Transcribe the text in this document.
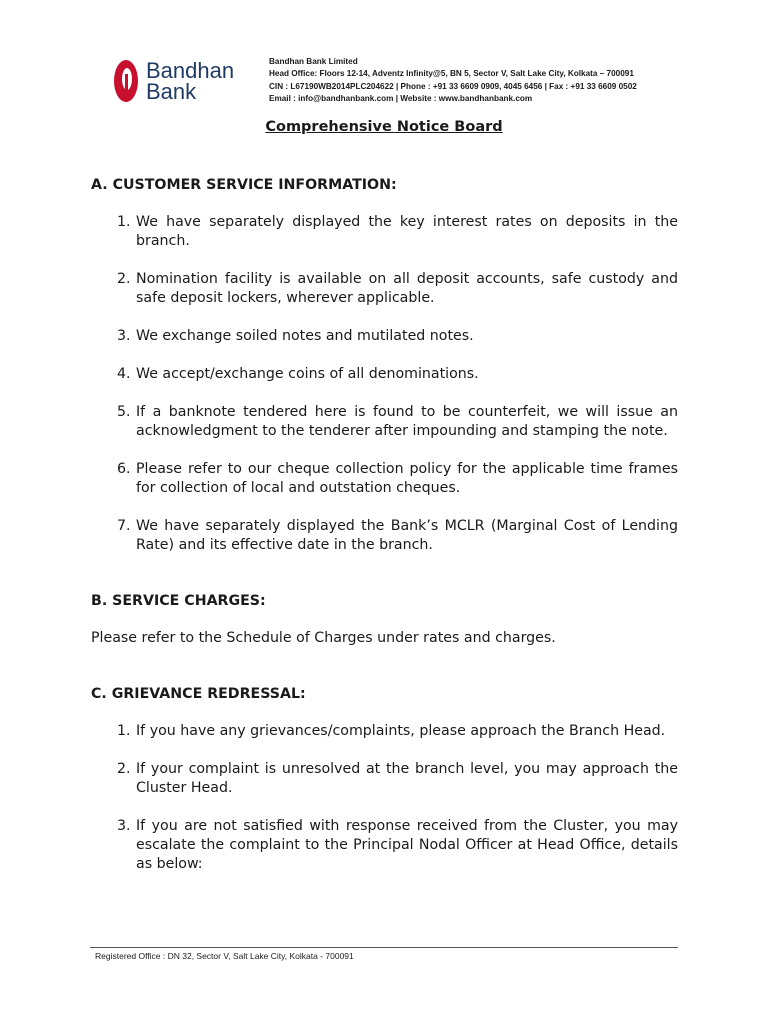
Bandhan
Bank
Bandhan Bank Limited
Head Office: Floors 12-14, Adventz Infinity@5, BN 5, Sector V, Salt Lake City, Kolkata – 700091
CIN : L67190WB2014PLC204622 | Phone : +91 33 6609 0909, 4045 6456 | Fax : +91 33 6609 0502
Email : info@bandhanbank.com | Website : www.bandhanbank.com
Comprehensive Notice Board

A. CUSTOMER SERVICE INFORMATION:

1. We have separately displayed the key interest rates on deposits in the branch.
2. Nomination facility is available on all deposit accounts, safe custody and safe deposit lockers, wherever applicable.
3. We exchange soiled notes and mutilated notes.
4. We accept/exchange coins of all denominations.
5. If a banknote tendered here is found to be counterfeit, we will issue an acknowledgment to the tenderer after impounding and stamping the note.
6. Please refer to our cheque collection policy for the applicable time frames for collection of local and outstation cheques.
7. We have separately displayed the Bank’s MCLR (Marginal Cost of Lending Rate) and its effective date in the branch.

B. SERVICE CHARGES:

Please refer to the Schedule of Charges under rates and charges.

C. GRIEVANCE REDRESSAL:

1. If you have any grievances/complaints, please approach the Branch Head.
2. If your complaint is unresolved at the branch level, you may approach the Cluster Head.
3. If you are not satisfied with response received from the Cluster, you may escalate the complaint to the Principal Nodal Officer at Head Office, details as below:
Registered Office : DN 32, Sector V, Salt Lake City, Kolkata - 700091
